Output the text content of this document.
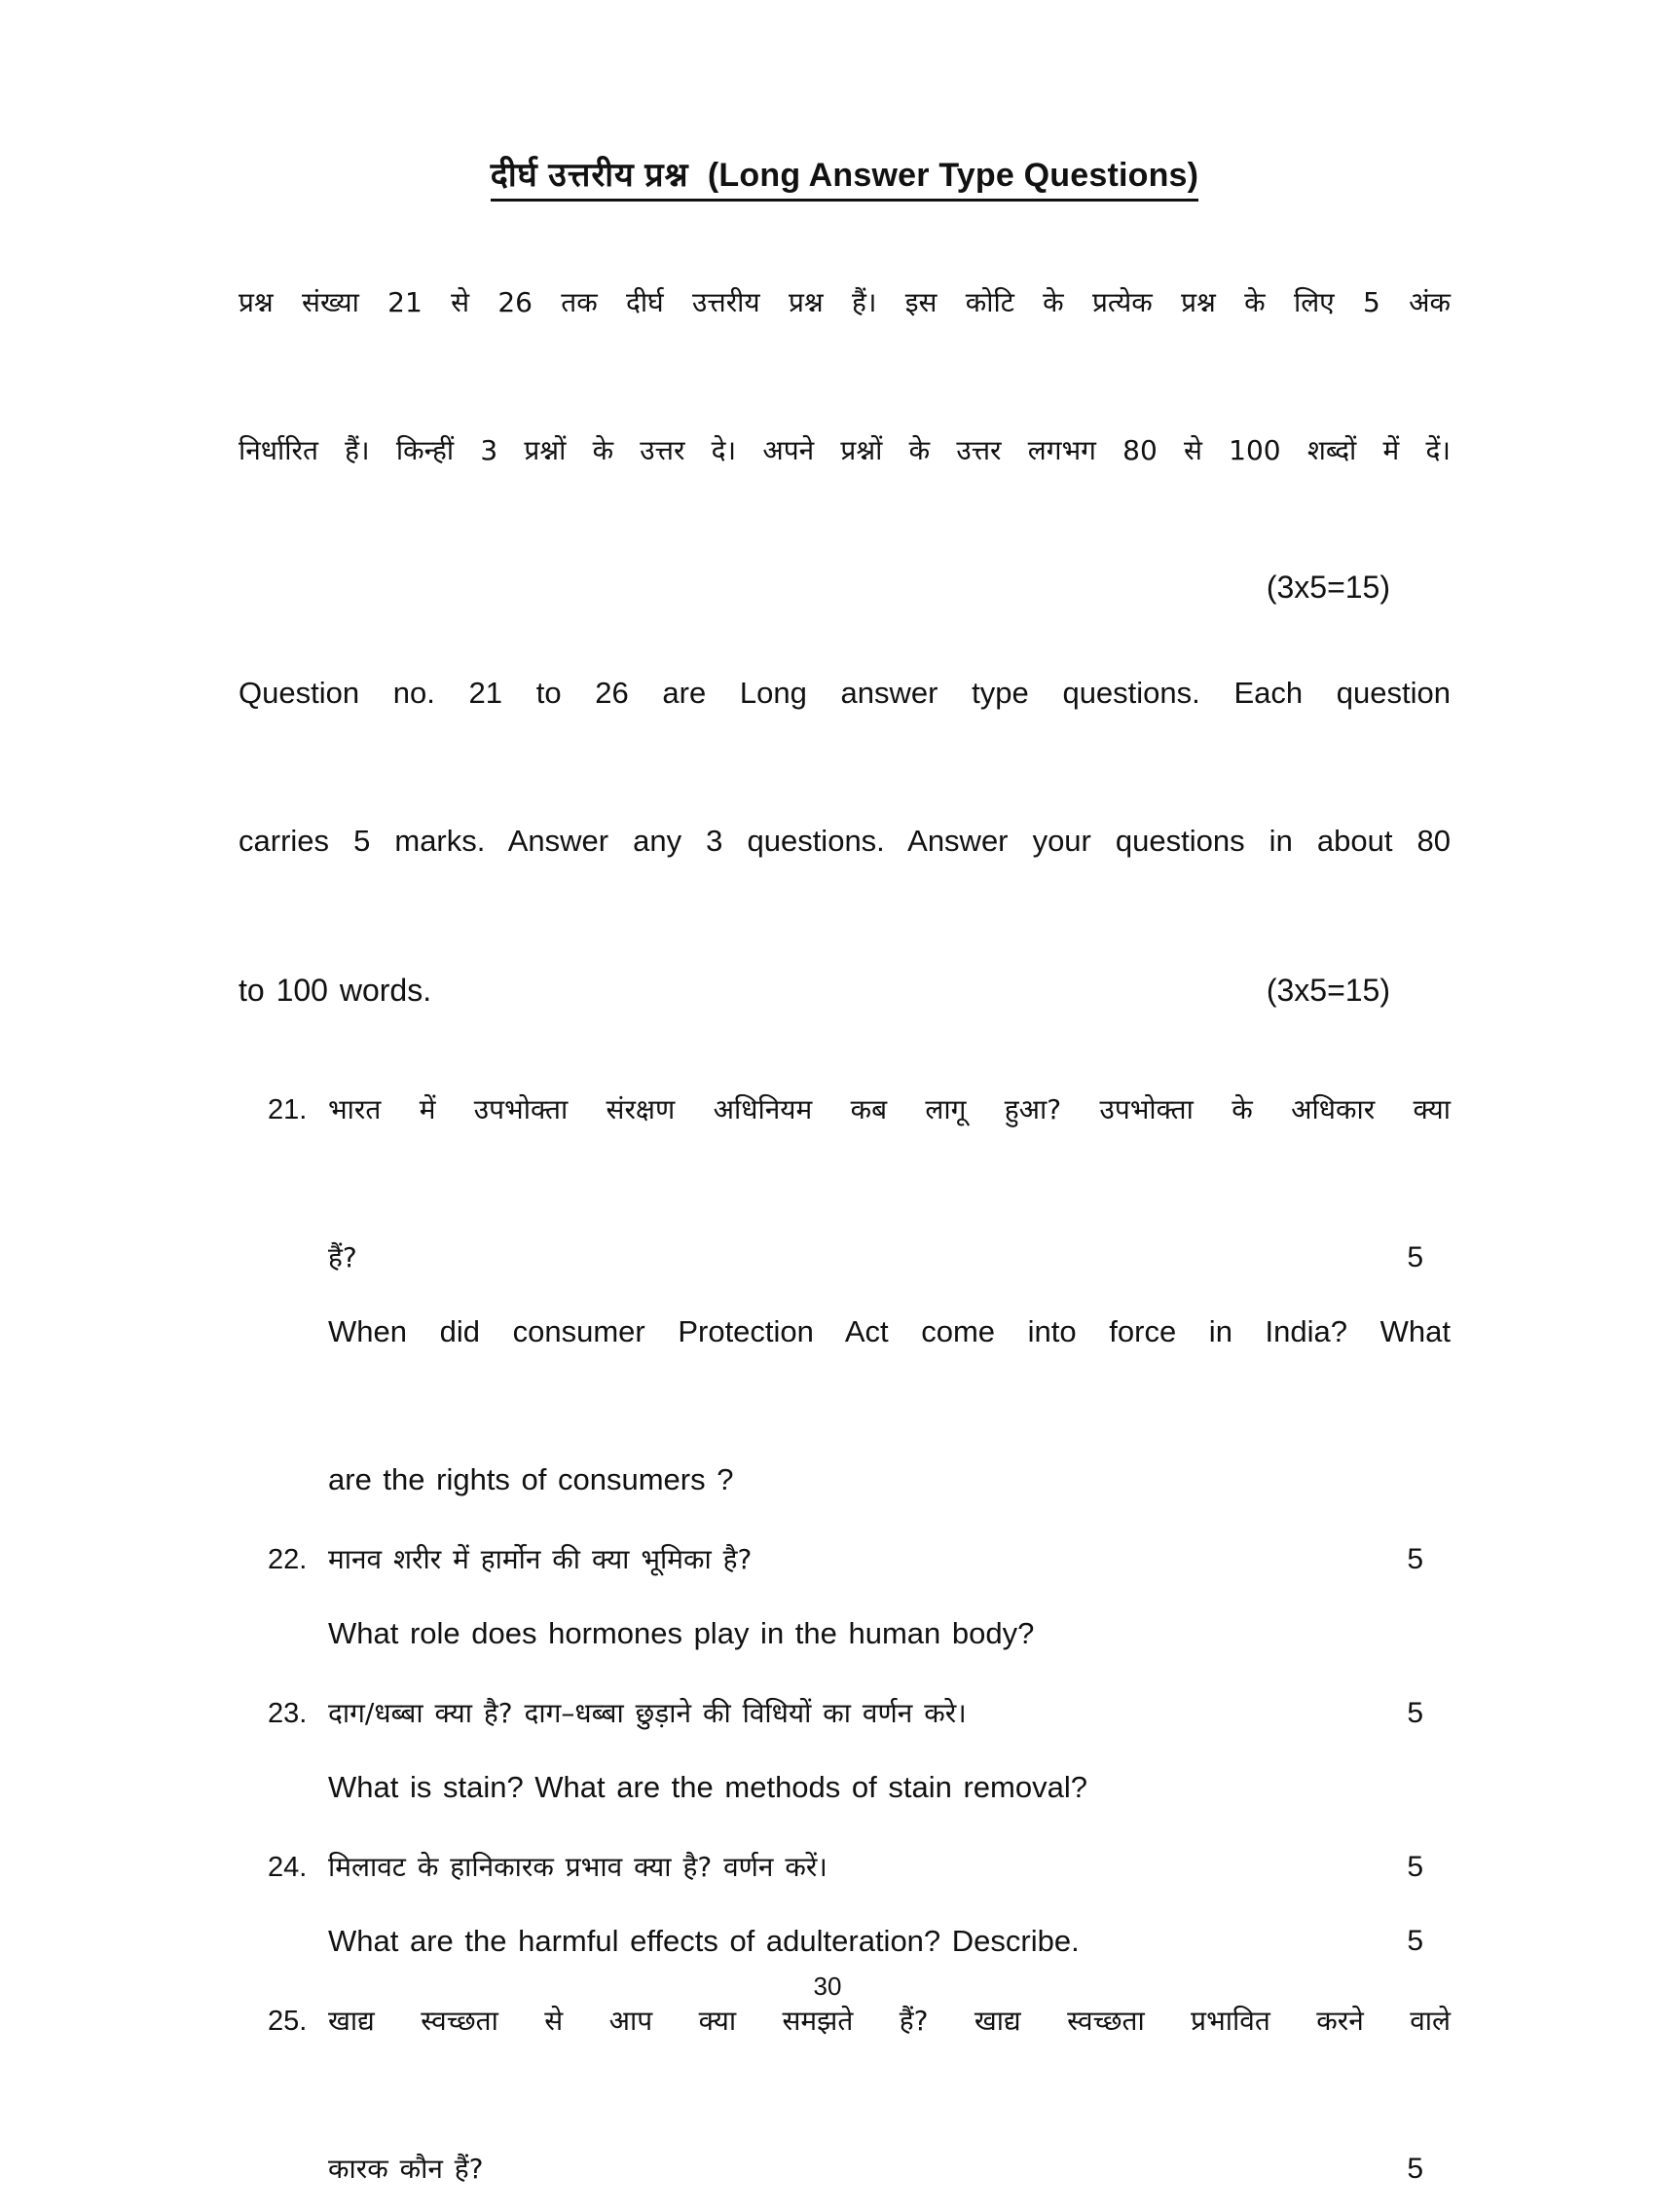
दीर्घ उत्तरीय प्रश्न (Long Answer Type Questions)
प्रश्न संख्या 21 से 26 तक दीर्घ उत्तरीय प्रश्न हैं। इस कोटि के प्रत्येक प्रश्न के लिए 5 अंक
निर्धारित हैं। किन्हीं 3 प्रश्नों के उत्तर दे। अपने प्रश्नों के उत्तर लगभग 80 से 100 शब्दों में दें।
(3x5=15)
Question no. 21 to 26 are Long answer type questions. Each question
carries 5 marks. Answer any 3 questions. Answer your questions in about 80
to 100 words.	(3x5=15)
21. भारत में उपभोक्ता संरक्षण अधिनियम कब लागू हुआ? उपभोक्ता के अधिकार क्या
हैं?	5
When did consumer Protection Act come into force in India? What
are the rights of consumers ?
22. मानव शरीर में हार्मोन की क्या भूमिका है?
What role does hormones play in the human body?
5
23. दाग/धब्बा क्या है? दाग–धब्बा छुड़ाने की विधियों का वर्णन करे।
What is stain? What are the methods of stain removal?
5
24. मिलावट के हानिकारक प्रभाव क्या है? वर्णन करें।	5
What are the harmful effects of adulteration? Describe.	5
25. खाद्य स्वच्छता से आप क्या समझते हैं? खाद्य स्वच्छता प्रभावित करने वाले
कारक कौन हैं?	5
30
